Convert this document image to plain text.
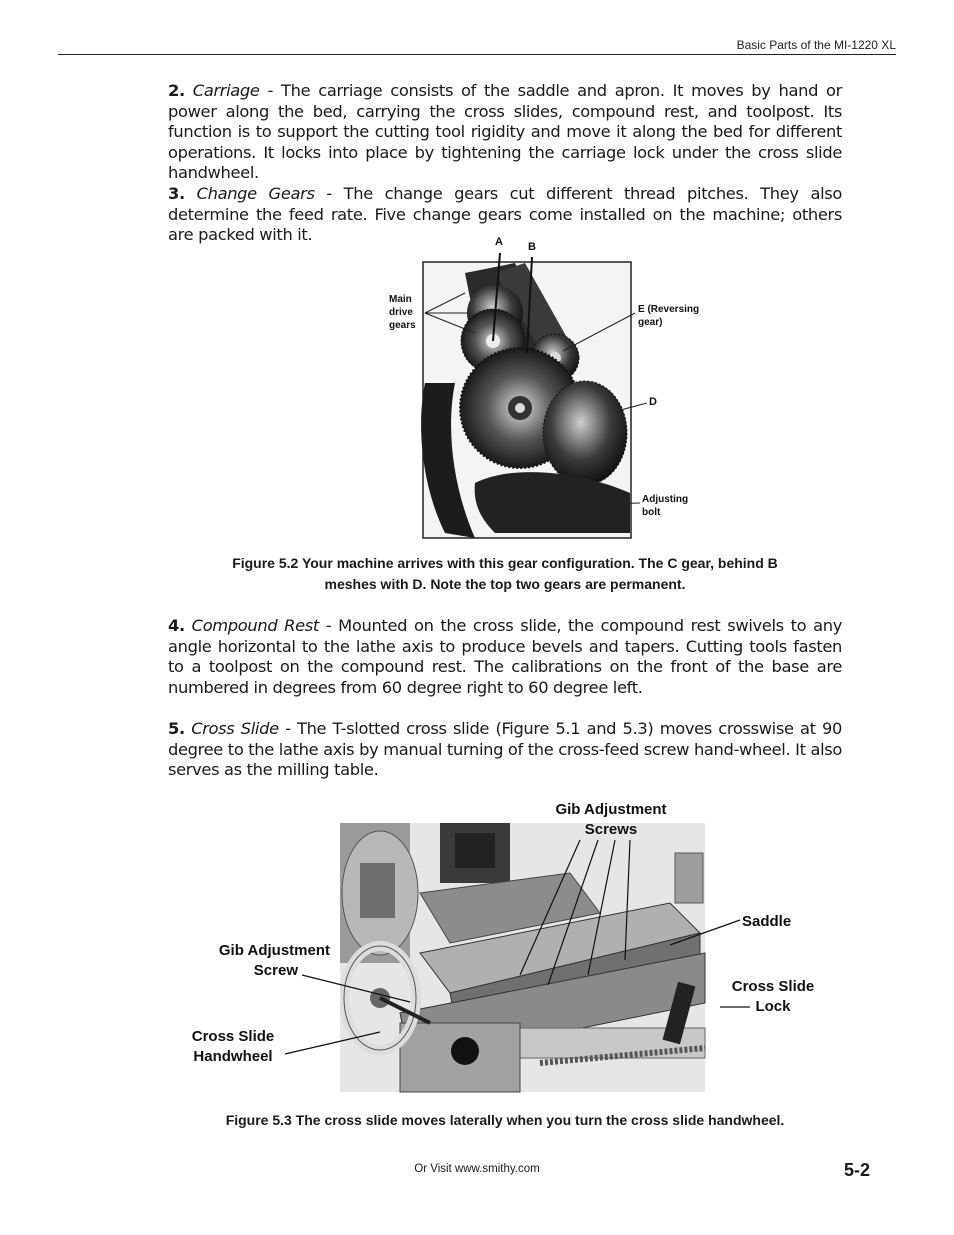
Basic Parts of the MI-1220 XL
2. Carriage - The carriage consists of the saddle and apron. It moves by hand or power along the bed, carrying the cross slides, compound rest, and toolpost. Its function is to support the cutting tool rigidity and move it along the bed for different operations. It locks into place by tightening the carriage lock under the cross slide handwheel.
3. Change Gears - The change gears cut different thread pitches. They also determine the feed rate. Five change gears come installed on the machine; others are packed with it.	A B
Main
drive
gears
E (Reversing
gear)
D
Adjusting
bolt
Figure 5.2 Your machine arrives with this gear configuration. The C gear, behind B
meshes with D. Note the top two gears are permanent.
4. Compound Rest - Mounted on the cross slide, the compound rest swivels to any angle horizontal to the lathe axis to produce bevels and tapers. Cutting tools fasten to a toolpost on the compound rest. The calibrations on the front of the base are numbered in degrees from 60 degree right to 60 degree left.
5. Cross Slide - The T-slotted cross slide (Figure 5.1 and 5.3) moves crosswise at 90 degree to the lathe axis by manual turning of the cross-feed screw hand-wheel. It also serves as the milling table.
Gib Adjustment
Screws
Saddle
Gib Adjustment
Screw
Cross Slide
Lock
Cross Slide
Handwheel
Figure 5.3 The cross slide moves laterally when you turn the cross slide handwheel.
Or Visit www.smithy.com	5-2
